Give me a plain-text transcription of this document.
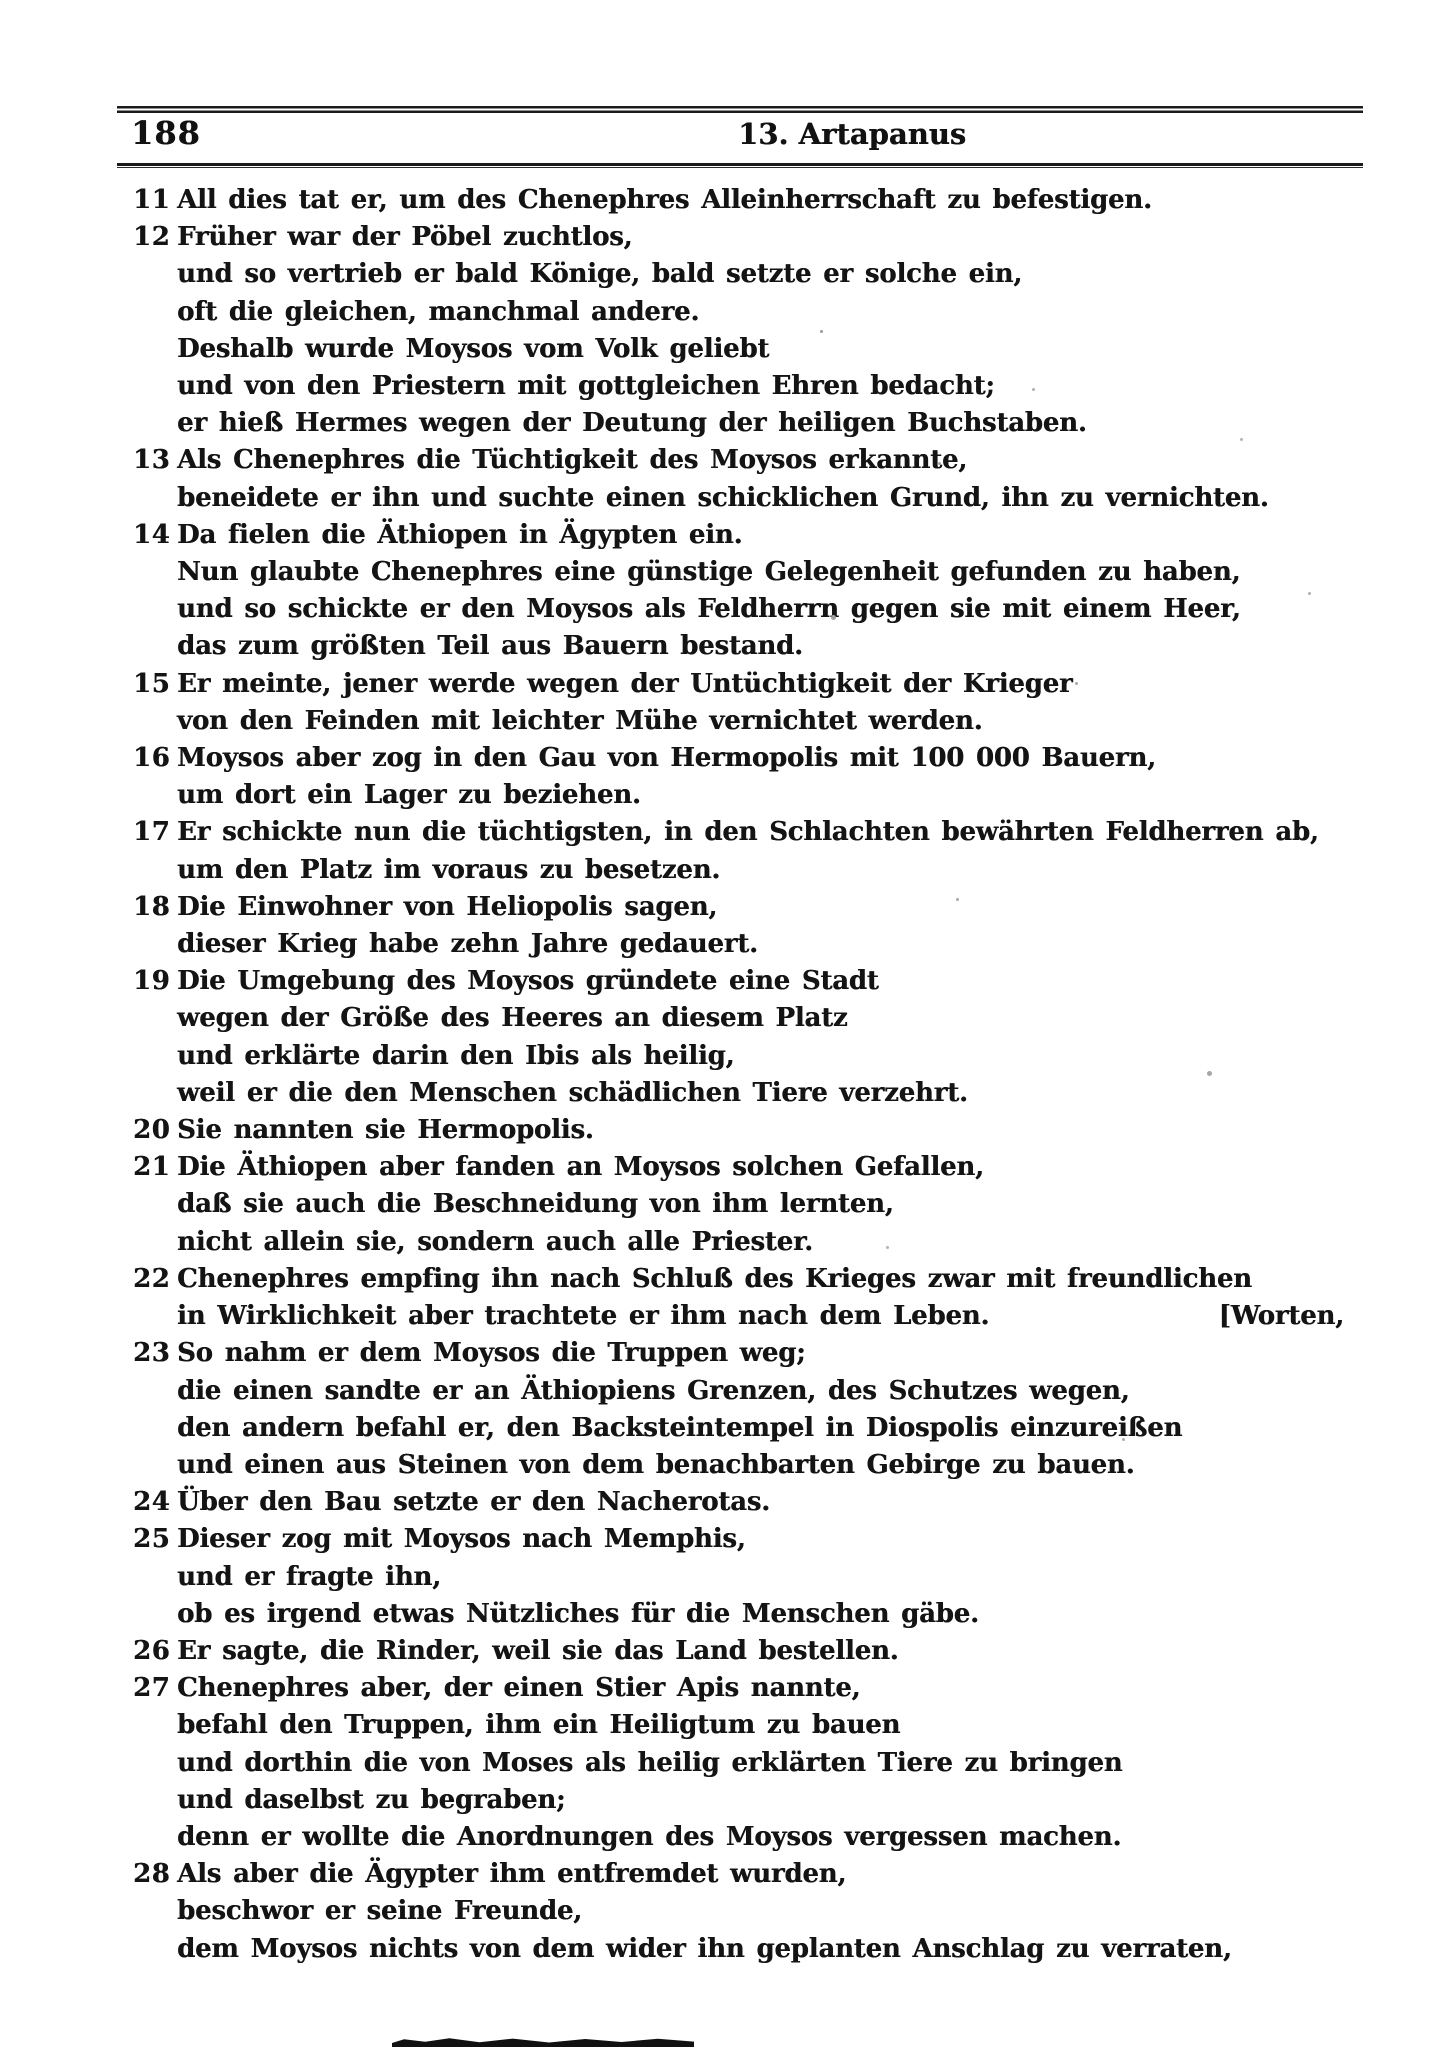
188	13. Artapanus
11 All dies tat er, um des Chenephres Alleinherrschaft zu befestigen.
12 Früher war der Pöbel zuchtlos,
und so vertrieb er bald Könige, bald setzte er solche ein,
oft die gleichen, manchmal andere.
Deshalb wurde Moysos vom Volk geliebt
und von den Priestern mit gottgleichen Ehren bedacht;
er hieß Hermes wegen der Deutung der heiligen Buchstaben.
13 Als Chenephres die Tüchtigkeit des Moysos erkannte,
beneidete er ihn und suchte einen schicklichen Grund, ihn zu vernichten.
14 Da fielen die Äthiopen in Ägypten ein.
Nun glaubte Chenephres eine günstige Gelegenheit gefunden zu haben,
und so schickte er den Moysos als Feldherrn gegen sie mit einem Heer,
das zum größten Teil aus Bauern bestand.
15 Er meinte, jener werde wegen der Untüchtigkeit der Krieger
von den Feinden mit leichter Mühe vernichtet werden.
16 Moysos aber zog in den Gau von Hermopolis mit 100 000 Bauern,
um dort ein Lager zu beziehen.
17 Er schickte nun die tüchtigsten, in den Schlachten bewährten Feldherren ab,
um den Platz im voraus zu besetzen.
18 Die Einwohner von Heliopolis sagen,
dieser Krieg habe zehn Jahre gedauert.
19 Die Umgebung des Moysos gründete eine Stadt
wegen der Größe des Heeres an diesem Platz
und erklärte darin den Ibis als heilig,
weil er die den Menschen schädlichen Tiere verzehrt.
20 Sie nannten sie Hermopolis.
21 Die Äthiopen aber fanden an Moysos solchen Gefallen,
daß sie auch die Beschneidung von ihm lernten,
nicht allein sie, sondern auch alle Priester.
22 Chenephres empfing ihn nach Schluß des Krieges zwar mit freundlichen
in Wirklichkeit aber trachtete er ihm nach dem Leben.	[Worten,
23 So nahm er dem Moysos die Truppen weg;
die einen sandte er an Äthiopiens Grenzen, des Schutzes wegen,
den andern befahl er, den Backsteintempel in Diospolis einzureißen
und einen aus Steinen von dem benachbarten Gebirge zu bauen.
24 Über den Bau setzte er den Nacherotas.
25 Dieser zog mit Moysos nach Memphis,
und er fragte ihn,
ob es irgend etwas Nützliches für die Menschen gäbe.
26 Er sagte, die Rinder, weil sie das Land bestellen.
27 Chenephres aber, der einen Stier Apis nannte,
befahl den Truppen, ihm ein Heiligtum zu bauen
und dorthin die von Moses als heilig erklärten Tiere zu bringen
und daselbst zu begraben;
denn er wollte die Anordnungen des Moysos vergessen machen.
28 Als aber die Ägypter ihm entfremdet wurden,
beschwor er seine Freunde,
dem Moysos nichts von dem wider ihn geplanten Anschlag zu verraten,
